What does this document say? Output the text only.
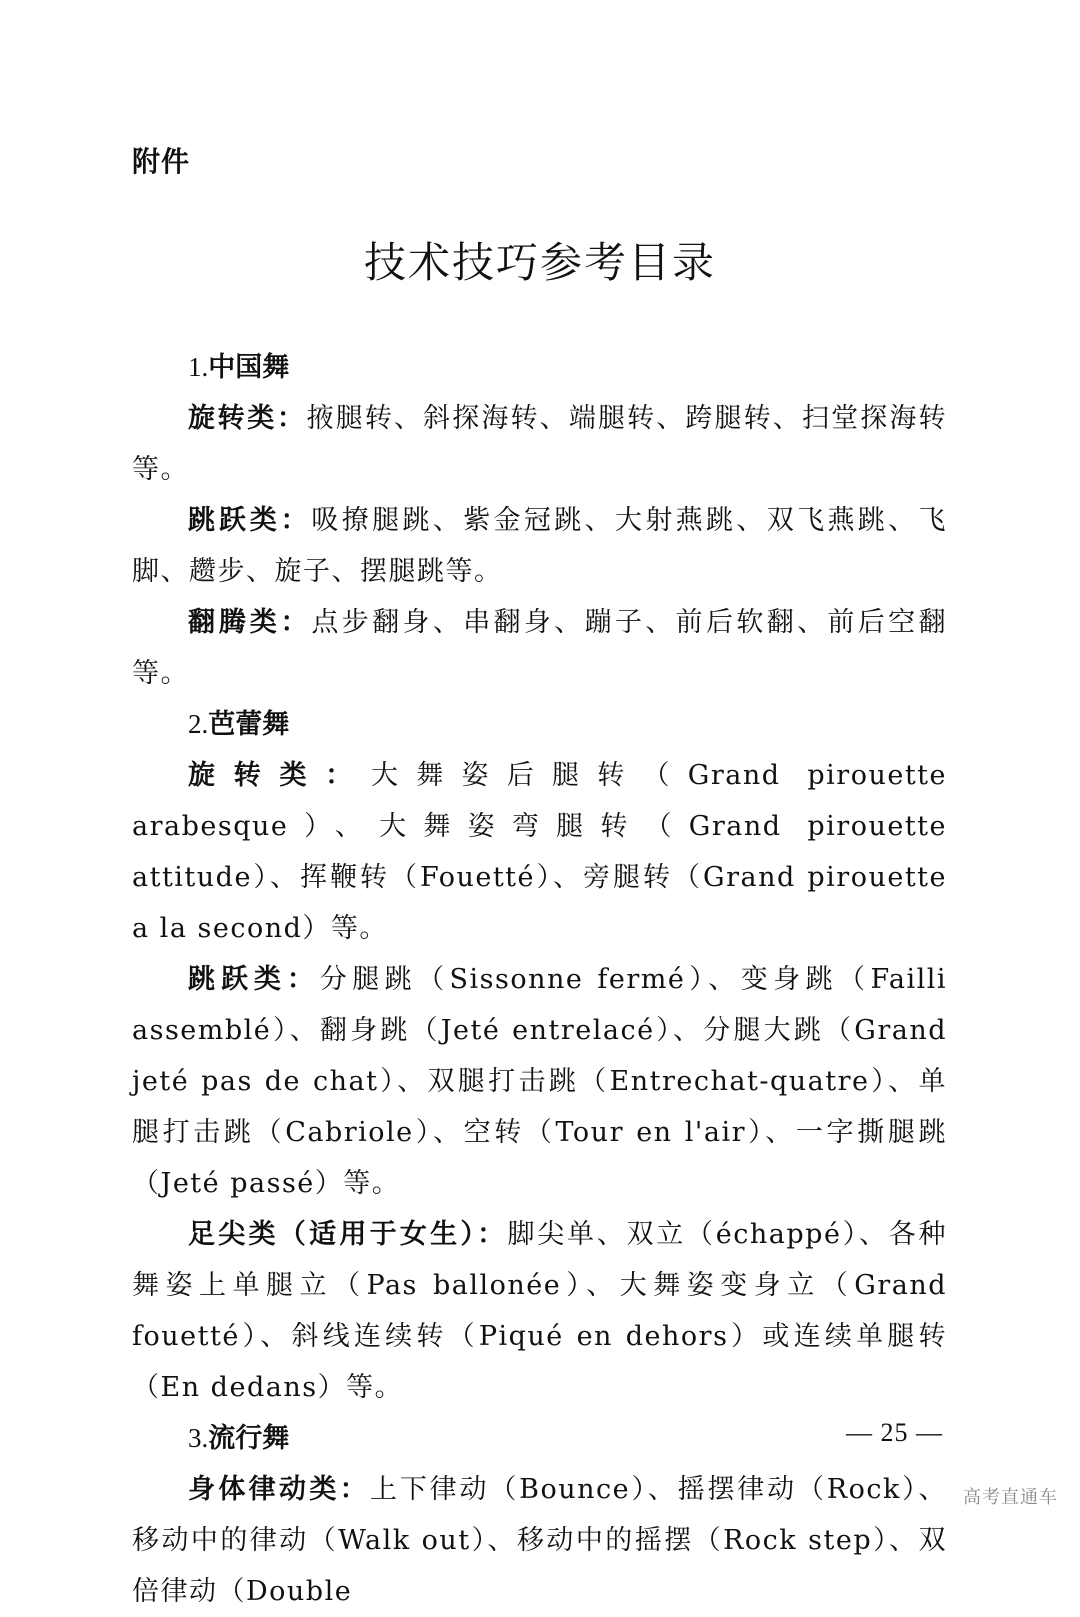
附件
技术技巧参考目录

1.中国舞

旋转类：掖腿转、斜探海转、端腿转、跨腿转、扫堂探海转等。

跳跃类：吸撩腿跳、紫金冠跳、大射燕跳、双飞燕跳、飞脚、趱步、旋子、摆腿跳等。

翻腾类：点步翻身、串翻身、蹦子、前后软翻、前后空翻等。

2.芭蕾舞

旋转类：大舞姿后腿转（Grand pirouette arabesque）、大舞姿弯腿转（Grand pirouette attitude）、挥鞭转（Fouetté）、旁腿转（Grand pirouette a la second）等。

跳跃类：分腿跳（Sissonne fermé）、变身跳（Failli assemblé）、翻身跳（Jeté entrelacé）、分腿大跳（Grand jeté pas de chat）、双腿打击跳（Entrechat-quatre）、单腿打击跳（Cabriole）、空转（Tour en l'air）、一字撕腿跳（Jeté passé）等。

足尖类（适用于女生）：脚尖单、双立（échappé）、各种舞姿上单腿立（Pas ballonée）、大舞姿变身立（Grand fouetté）、斜线连续转（Piqué en dehors）或连续单腿转（En dedans）等。

3.流行舞

身体律动类：上下律动（Bounce）、摇摆律动（Rock）、移动中的律动（Walk out）、移动中的摇摆（Rock step）、双倍律动（Double

— 25 —
高考直通车
